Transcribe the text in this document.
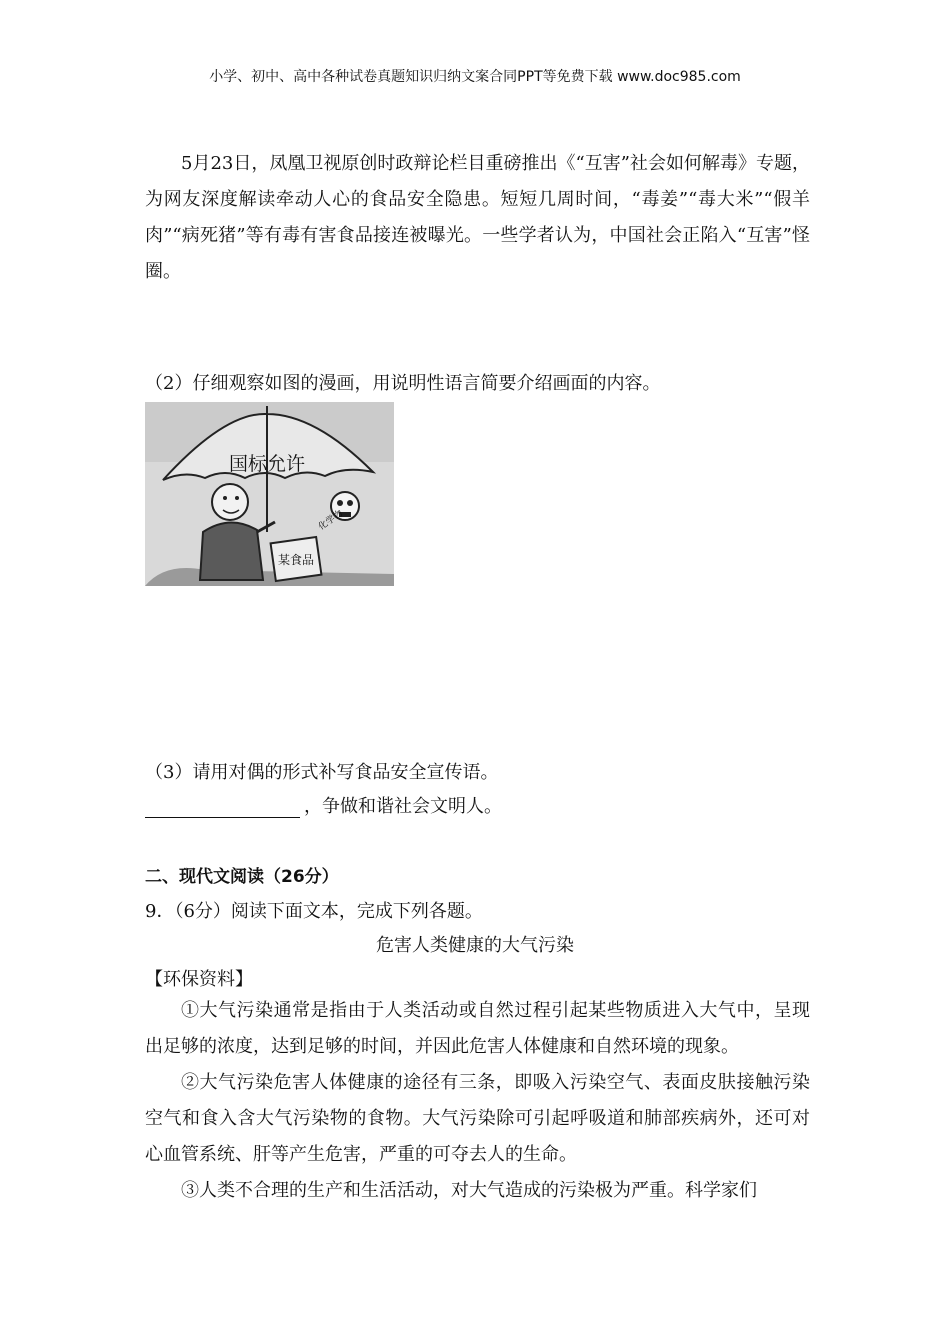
小学、初中、高中各种试卷真题知识归纳文案合同PPT等免费下载 www.doc985.com
5月23日，凤凰卫视原创时政辩论栏目重磅推出《“互害”社会如何解毒》专题，为网友深度解读牵动人心的食品安全隐患。短短几周时间，“毒姜”“毒大米”“假羊肉”“病死猪”等有毒有害食品接连被曝光。一些学者认为，中国社会正陷入“互害”怪圈。
（2）仔细观察如图的漫画，用说明性语言简要介绍画面的内容。
国标允许
某食品
化学物
（3）请用对偶的形式补写食品安全宣传语。
，争做和谐社会文明人。
二、现代文阅读（26分）
9．（6分）阅读下面文本，完成下列各题。
危害人类健康的大气污染
【环保资料】
①大气污染通常是指由于人类活动或自然过程引起某些物质进入大气中，呈现出足够的浓度，达到足够的时间，并因此危害人体健康和自然环境的现象。
②大气污染危害人体健康的途径有三条，即吸入污染空气、表面皮肤接触污染空气和食入含大气污染物的食物。大气污染除可引起呼吸道和肺部疾病外，还可对心血管系统、肝等产生危害，严重的可夺去人的生命。
③人类不合理的生产和生活活动，对大气造成的污染极为严重。科学家们
